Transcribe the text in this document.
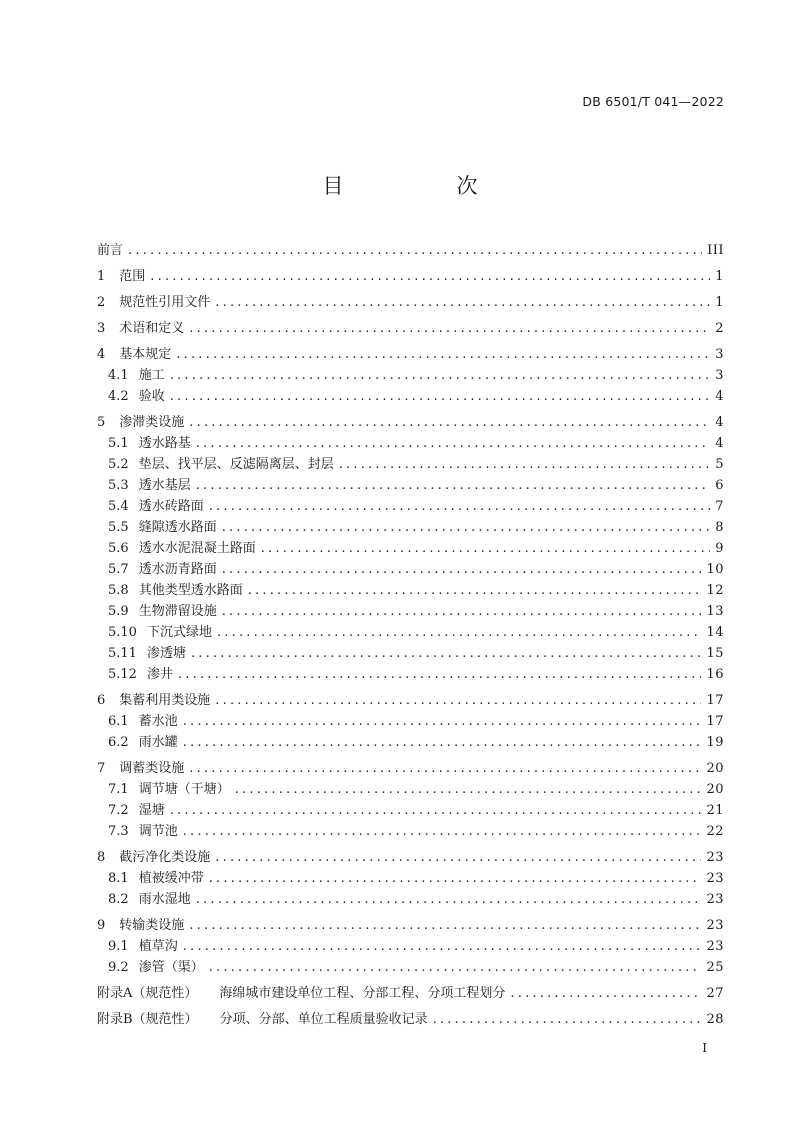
DB 6501/T 041—2022
目　次
前言 .....	III
1 范围 .....	1
2 规范性引用文件 .....	1
3 术语和定义 .....	2
4 基本规定 .....	3
4.1 施工 .....	3
4.2 验收 .....	4
5 渗滞类设施 .....	4
5.1 透水路基 .....	4
5.2 垫层、找平层、反滤隔离层、封层 .....	5
5.3 透水基层 .....	6
5.4 透水砖路面 .....	7
5.5 缝隙透水路面 .....	8
5.6 透水水泥混凝土路面 .....	9
5.7 透水沥青路面 .....	10
5.8 其他类型透水路面 .....	12
5.9 生物滞留设施 .....	13
5.10 下沉式绿地 .....	14
5.11 渗透塘 .....	15
5.12 渗井 .....	16
6 集蓄利用类设施 .....	17
6.1 蓄水池 .....	17
6.2 雨水罐 .....	19
7 调蓄类设施 .....	20
7.1 调节塘（干塘） .....	20
7.2 湿塘 .....	21
7.3 调节池 .....	22
8 截污净化类设施 .....	23
8.1 植被缓冲带 .....	23
8.2 雨水湿地 .....	23
9 转输类设施 .....	23
9.1 植草沟 .....	23
9.2 渗管（渠） .....	25
附录A（规范性） 海绵城市建设单位工程、分部工程、分项工程划分 .....	27
附录B（规范性） 分项、分部、单位工程质量验收记录 .....	28
I
